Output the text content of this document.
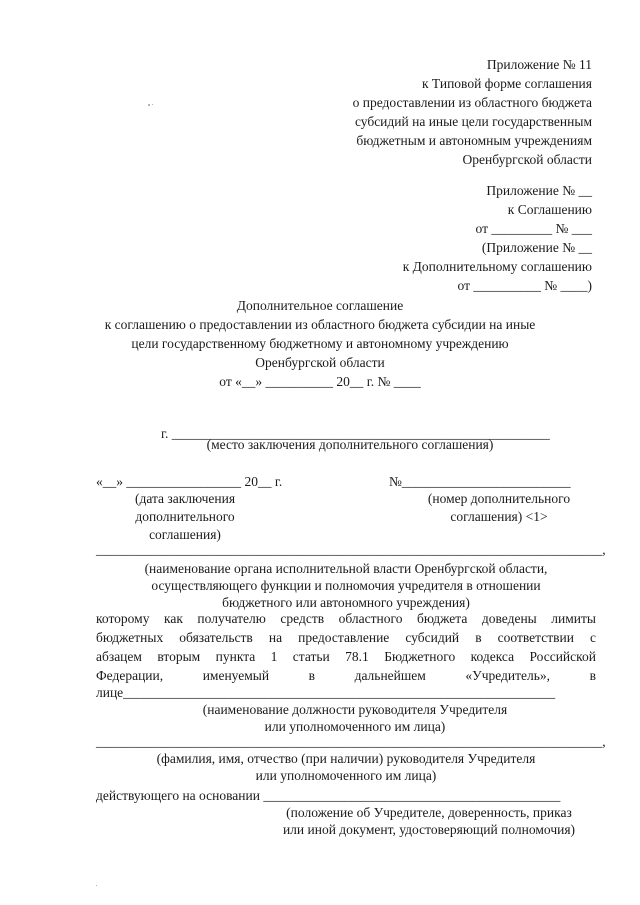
Приложение № 11
к Типовой форме соглашения
о предоставлении из областного бюджета
субсидий на иные цели государственным
бюджетным и автономным учреждениям
Оренбургской области
Приложение № __
к Соглашению
от _________ № ___
(Приложение № __
к Дополнительному соглашению
от __________ № ____)
Дополнительное соглашение
к соглашению о предоставлении из областного бюджета субсидии на иные
цели государственному бюджетному и автономному учреждению
Оренбургской области
от «__» __________ 20__ г. № ____
г. ________________________________________________________
(место заключения дополнительного соглашения)
«__» _________________ 20__ г.
(дата заключения
дополнительного
соглашения)
№_________________________
(номер дополнительного
соглашения) <1>
___________________________________________________________________________,
(наименование органа исполнительной власти Оренбургской области,
осуществляющего функции и полномочия учредителя в отношении
бюджетного или автономного учреждения)
которому как получателю средств областного бюджета доведены лимиты
бюджетных обязательств на предоставление субсидий в соответствии с
абзацем вторым пункта 1 статьи 78.1 Бюджетного кодекса Российской
Федерации, именуемый в дальнейшем «Учредитель», в
лице________________________________________________________________
(наименование должности руководителя Учредителя
или уполномоченного им лица)
___________________________________________________________________________,
(фамилия, имя, отчество (при наличии) руководителя Учредителя
или уполномоченного им лица)
действующего на основании ____________________________________________
(положение об Учредителе, доверенность, приказ
или иной документ, удостоверяющий полномочия)
